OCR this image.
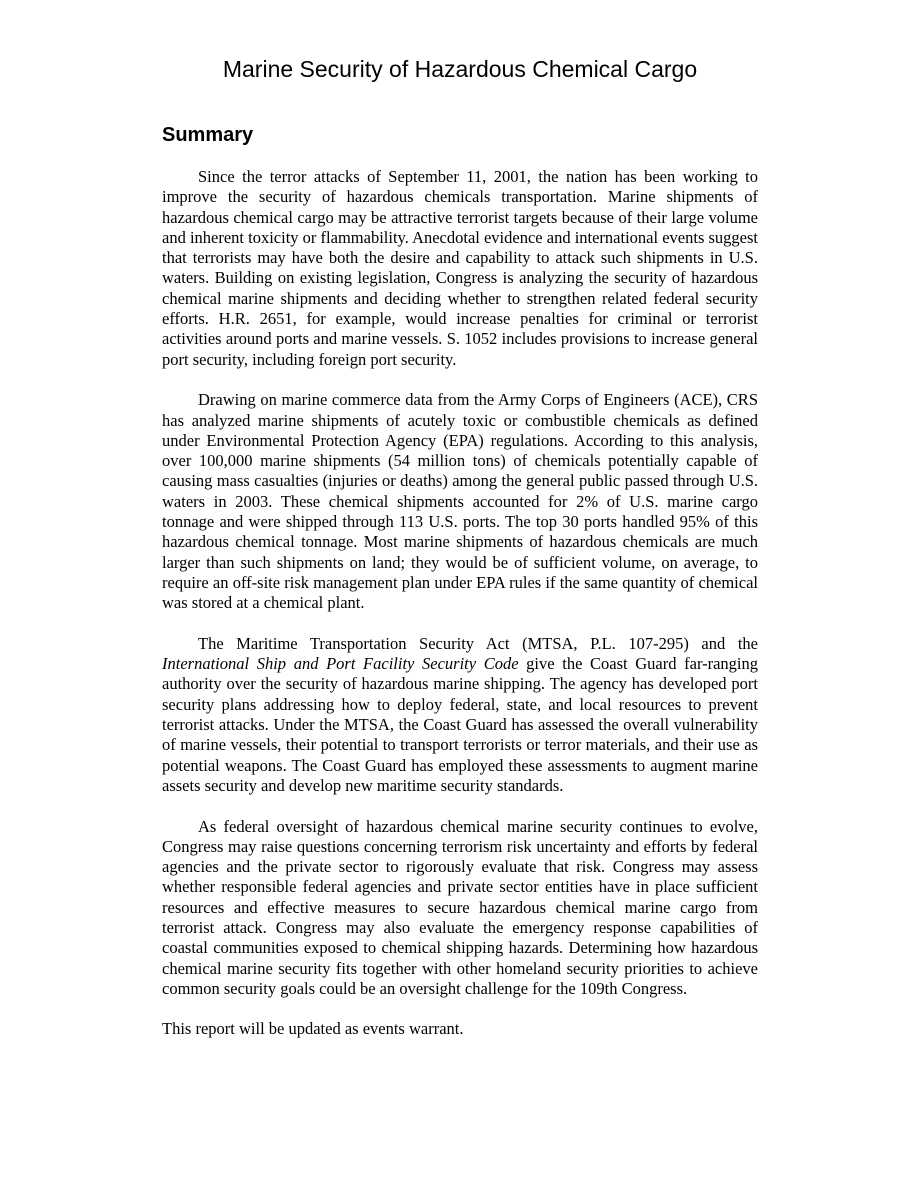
Marine Security of Hazardous Chemical Cargo
Summary

Since the terror attacks of September 11, 2001, the nation has been working to improve the security of hazardous chemicals transportation. Marine shipments of hazardous chemical cargo may be attractive terrorist targets because of their large volume and inherent toxicity or flammability. Anecdotal evidence and international events suggest that terrorists may have both the desire and capability to attack such shipments in U.S. waters. Building on existing legislation, Congress is analyzing the security of hazardous chemical marine shipments and deciding whether to strengthen related federal security efforts. H.R. 2651, for example, would increase penalties for criminal or terrorist activities around ports and marine vessels. S. 1052 includes provisions to increase general port security, including foreign port security.

Drawing on marine commerce data from the Army Corps of Engineers (ACE), CRS has analyzed marine shipments of acutely toxic or combustible chemicals as defined under Environmental Protection Agency (EPA) regulations. According to this analysis, over 100,000 marine shipments (54 million tons) of chemicals potentially capable of causing mass casualties (injuries or deaths) among the general public passed through U.S. waters in 2003. These chemical shipments accounted for 2% of U.S. marine cargo tonnage and were shipped through 113 U.S. ports. The top 30 ports handled 95% of this hazardous chemical tonnage. Most marine shipments of hazardous chemicals are much larger than such shipments on land; they would be of sufficient volume, on average, to require an off-site risk management plan under EPA rules if the same quantity of chemical was stored at a chemical plant.

The Maritime Transportation Security Act (MTSA, P.L. 107-295) and the International Ship and Port Facility Security Code give the Coast Guard far-ranging authority over the security of hazardous marine shipping. The agency has developed port security plans addressing how to deploy federal, state, and local resources to prevent terrorist attacks. Under the MTSA, the Coast Guard has assessed the overall vulnerability of marine vessels, their potential to transport terrorists or terror materials, and their use as potential weapons. The Coast Guard has employed these assessments to augment marine assets security and develop new maritime security standards.

As federal oversight of hazardous chemical marine security continues to evolve, Congress may raise questions concerning terrorism risk uncertainty and efforts by federal agencies and the private sector to rigorously evaluate that risk. Congress may assess whether responsible federal agencies and private sector entities have in place sufficient resources and effective measures to secure hazardous chemical marine cargo from terrorist attack. Congress may also evaluate the emergency response capabilities of coastal communities exposed to chemical shipping hazards. Determining how hazardous chemical marine security fits together with other homeland security priorities to achieve common security goals could be an oversight challenge for the 109th Congress.

This report will be updated as events warrant.
